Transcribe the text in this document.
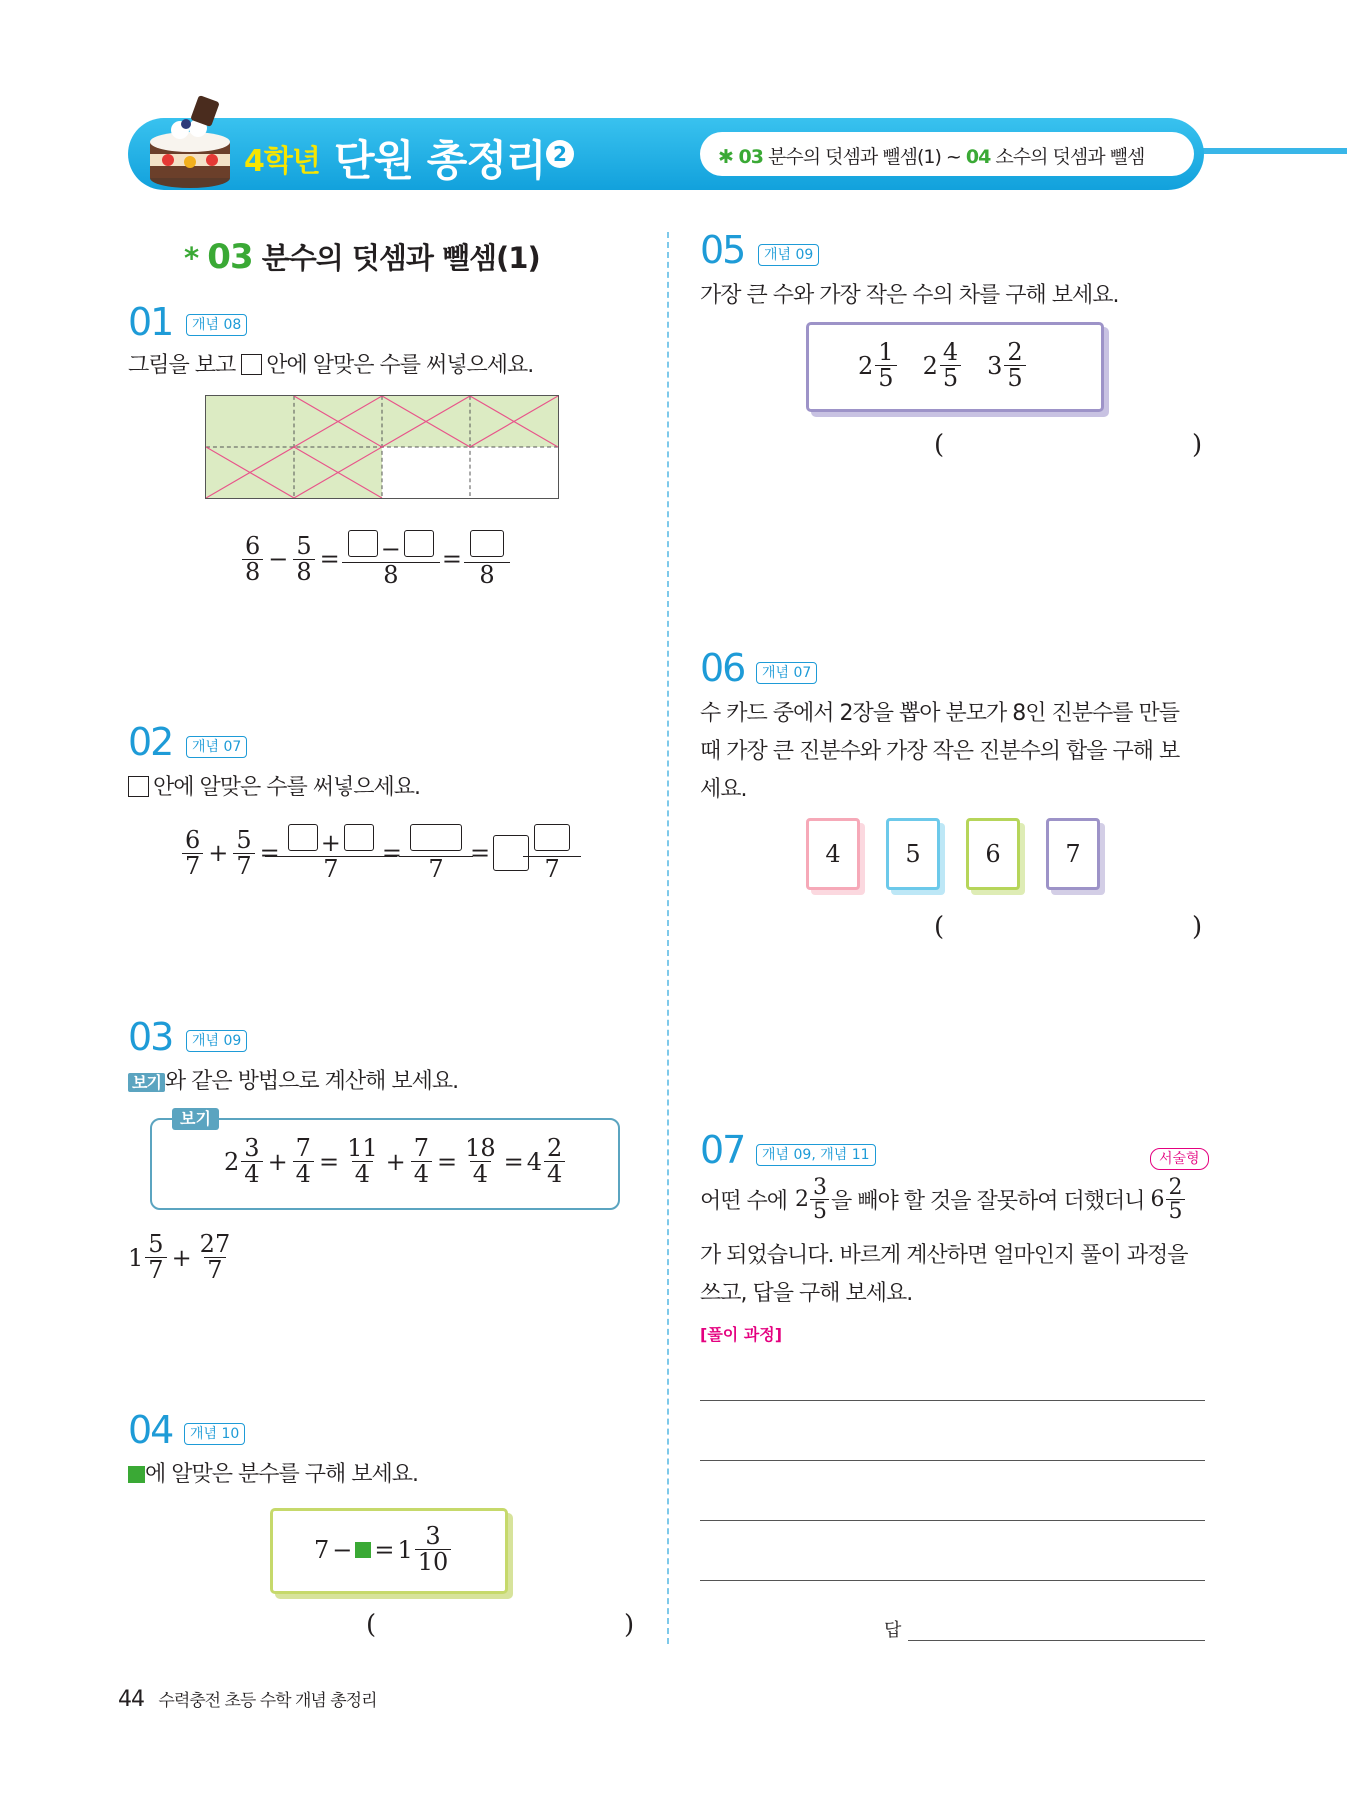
4학년 단원 총정리 2	✱ 03 분수의 덧셈과 뺄셈(1) ~ 04 소수의 덧셈과 뺄셈
* 03 분수의 덧셈과 뺄셈(1)
01	개념 08
그림을 보고 안에 알맞은 수를 써넣으세요.
$\frac{6}{8} - \frac{5}{8} = \frac{-}{8}$ =
8
02	개념 07
안에 알맞은 수를 써넣으세요.
$\frac{6}{7} + \frac{5}{7} = \frac{+}{7}$ =
7
=
7
03	개념 09
보기 와 같은 방법으로 계산해 보세요.
보기
$2 \frac{3}{4} + \frac{7}{4} = \frac{11}{4} + \frac{7}{4} = \frac{18}{4} = 4 \frac{2}{4}$
$1 \frac{5}{7} + \frac{27}{7}$
04	개념 10
에 알맞은 분수를 구해 보세요.
7 − = $1 \frac{3}{10}$
(	)
05	개념 09
가장 큰 수와 가장 작은 수의 차를 구해 보세요.
$2 \frac{1}{5} 2 \frac{4}{5} 3 \frac{2}{5}$
(	)
06	개념 07
수 카드 중에서 2장을 뽑아 분모가 8인 진분수를 만들
때 가장 큰 진분수와 가장 작은 진분수의 합을 구해 보
세요.
4	5	6	7
(	)
07	개념 09, 개념 11	서술형
어떤 수에 $2 \frac{3}{5}$ 을 빼야 할 것을 잘못하여 더했더니 $6 \frac{2}{5}$
가 되었습니다. 바르게 계산하면 얼마인지 풀이 과정을
쓰고, 답을 구해 보세요.
[풀이 과정]
답
44 수력충전 초등 수학 개념 총정리
